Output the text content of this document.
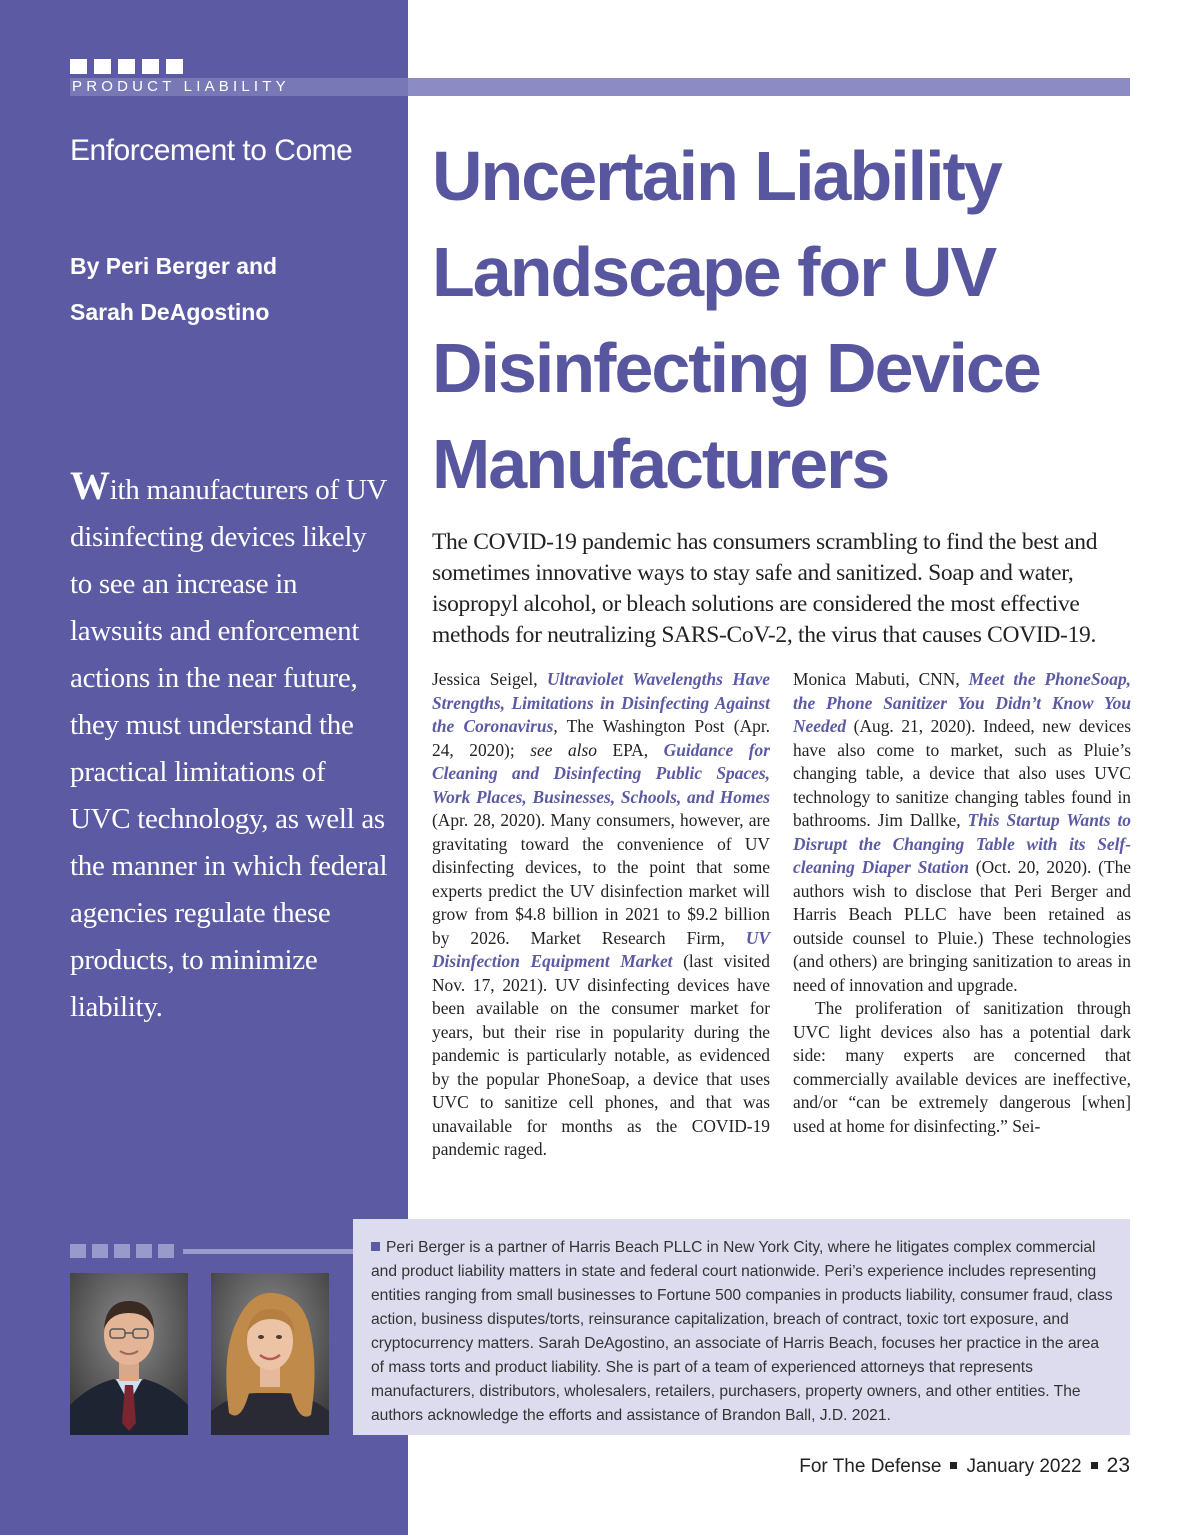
PRODUCT LIABILITY
Enforcement to Come
By Peri Berger and
Sarah DeAgostino
With manufacturers of UV disinfecting devices likely to see an increase in lawsuits and enforcement actions in the near future, they must understand the practical limitations of UVC technology, as well as the manner in which federal agencies regulate these products, to minimize liability.
Uncertain Liability Landscape for UV Disinfecting Device Manufacturers
The COVID-19 pandemic has consumers scrambling to find the best and sometimes innovative ways to stay safe and sanitized. Soap and water, isopropyl alcohol, or bleach solutions are considered the most effective methods for neutralizing SARS-CoV-2, the virus that causes COVID-19.
Jessica Seigel, Ultraviolet Wavelengths Have Strengths, Limitations in Disinfecting Against the Coronavirus, The Washington Post (Apr. 24, 2020); see also EPA, Guidance for Cleaning and Disinfecting Public Spaces, Work Places, Businesses, Schools, and Homes (Apr. 28, 2020). Many consumers, however, are gravitating toward the convenience of UV disinfecting devices, to the point that some experts predict the UV disinfection market will grow from $4.8 billion in 2021 to $9.2 billion by 2026. Market Research Firm, UV Disinfection Equipment Market (last visited Nov. 17, 2021). UV disinfecting devices have been available on the consumer market for years, but their rise in popularity during the pandemic is particularly notable, as evidenced by the popular PhoneSoap, a device that uses UVC to sanitize cell phones, and that was unavailable for months as the COVID-19 pandemic raged.
Monica Mabuti, CNN, Meet the PhoneSoap, the Phone Sanitizer You Didn’t Know You Needed (Aug. 21, 2020). Indeed, new devices have also come to market, such as Pluie’s changing table, a device that also uses UVC technology to sanitize changing tables found in bathrooms. Jim Dallke, This Startup Wants to Disrupt the Changing Table with its Self-cleaning Diaper Station (Oct. 20, 2020). (The authors wish to disclose that Peri Berger and Harris Beach PLLC have been retained as outside counsel to Pluie.) These technologies (and others) are bringing sanitization to areas in need of innovation and upgrade.
The proliferation of sanitization through UVC light devices also has a potential dark side: many experts are concerned that commercially available devices are ineffective, and/or “can be extremely dangerous [when] used at home for disinfecting.” Sei-
Peri Berger is a partner of Harris Beach PLLC in New York City, where he litigates complex commercial and product liability matters in state and federal court nationwide. Peri’s experience includes representing entities ranging from small businesses to Fortune 500 companies in products liability, consumer fraud, class action, business disputes/torts, reinsurance capitalization, breach of contract, toxic tort exposure, and cryptocurrency matters. Sarah DeAgostino, an associate of Harris Beach, focuses her practice in the area of mass torts and product liability. She is part of a team of experienced attorneys that represents manufacturers, distributors, wholesalers, retailers, purchasers, property owners, and other entities. The authors acknowledge the efforts and assistance of Brandon Ball, J.D. 2021.
For The Defense January 2022 23
